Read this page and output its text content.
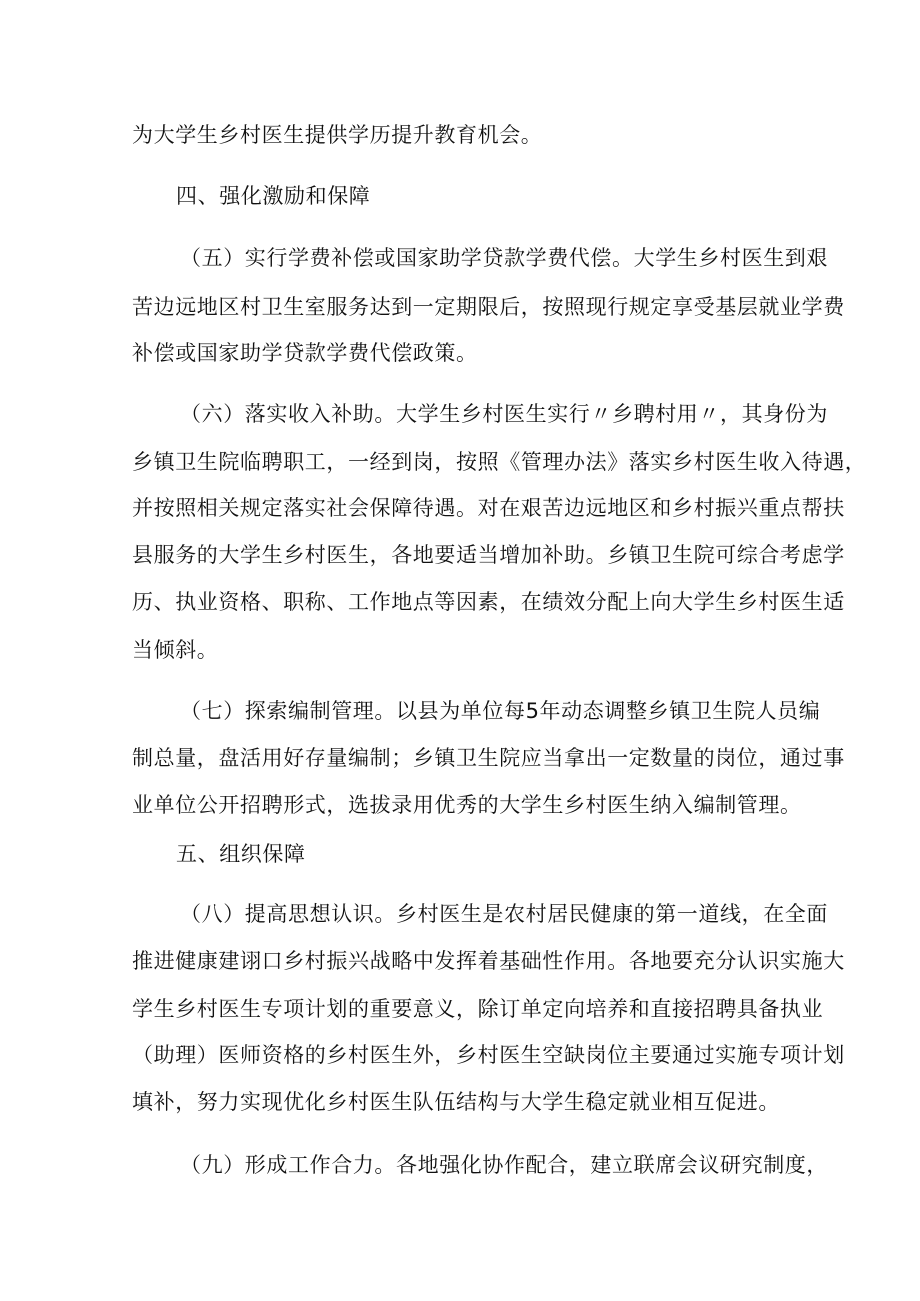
为大学生乡村医生提供学历提升教育机会。
四、强化激励和保障
（五）实行学费补偿或国家助学贷款学费代偿。大学生乡村医生到艰
苦边远地区村卫生室服务达到一定期限后，按照现行规定享受基层就业学费
补偿或国家助学贷款学费代偿政策。
（六）落实收入补助。大学生乡村医生实行〃乡聘村用〃，其身份为
乡镇卫生院临聘职工，一经到岗，按照《管理办法》落实乡村医生收入待遇，
并按照相关规定落实社会保障待遇。对在艰苦边远地区和乡村振兴重点帮扶
县服务的大学生乡村医生，各地要适当增加补助。乡镇卫生院可综合考虑学
历、执业资格、职称、工作地点等因素，在绩效分配上向大学生乡村医生适
当倾斜。
（七）探索编制管理。以县为单位每5年动态调整乡镇卫生院人员编
制总量，盘活用好存量编制；乡镇卫生院应当拿出一定数量的岗位，通过事
业单位公开招聘形式，选拔录用优秀的大学生乡村医生纳入编制管理。
五、组织保障
（八）提高思想认识。乡村医生是农村居民健康的第一道线，在全面
推进健康建诩口乡村振兴战略中发挥着基础性作用。各地要充分认识实施大
学生乡村医生专项计划的重要意义，除订单定向培养和直接招聘具备执业
（助理）医师资格的乡村医生外，乡村医生空缺岗位主要通过实施专项计划
填补，努力实现优化乡村医生队伍结构与大学生稳定就业相互促进。
（九）形成工作合力。各地强化协作配合，建立联席会议研究制度，
